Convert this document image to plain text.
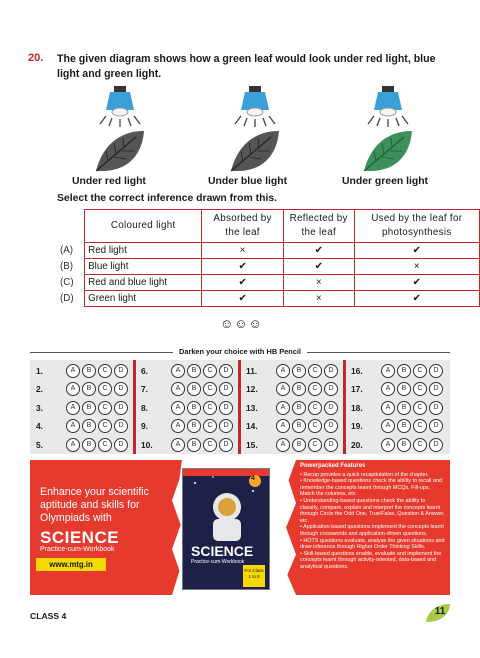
20. The given diagram shows how a green leaf would look under red light, blue light and green light.
Under red light	Under blue light	Under green light
Select the correct inference drawn from this.
	Coloured light	Absorbed by the leaf	Reflected by the leaf	Used by the leaf for photosynthesis
(A)	Red light	×	✔	✔
(B)	Blue light	✔	✔	×
(C)	Red and blue light	✔	×	✔
(D)	Green light	✔	×	✔
☺☺☺
Darken your choice with HB Pencil
1.	A	B	C	D
2.	A	B	C	D
3.	A	B	C	D
4.	A	B	C	D
5.	A	B	C	D
6.	A	B	C	D
7.	A	B	C	D
8.	A	B	C	D
9.	A	B	C	D
10.	A	B	C	D
11.	A	B	C	D
12.	A	B	C	D
13.	A	B	C	D
14.	A	B	C	D
15.	A	B	C	D
16.	A	B	C	D
17.	A	B	C	D
18.	A	B	C	D
19.	A	B	C	D
20.	A	B	C	D
Enhance your scientific aptitude and skills for Olympiads with
SCIENCE
Practice-cum-Workbook
www.mtg.in
4
SCIENCE
Practice-cum-Workbook
For Class 1 to 8
Powerpacked Features
• Recap provides a quick recapitulation of the chapter.
• Knowledge-based questions check the ability to recall and remember the concepts learnt through MCQs, Fill-ups, Match the columns, etc.
• Understanding-based questions check the ability to classify, compare, explain and interpret the concepts learnt through Circle the Odd One, True/False, Question & Answer, etc.
• Application-based questions implement the concepts learnt through crosswords and application-driven questions.
• HOTS questions evaluate, analyse the given situations and draw inference through Higher Order Thinking Skills.
• Skill-based questions enable, evaluate and implement the concepts learnt through activity-oriented, data-based and analytical questions.
CLASS 4	11
